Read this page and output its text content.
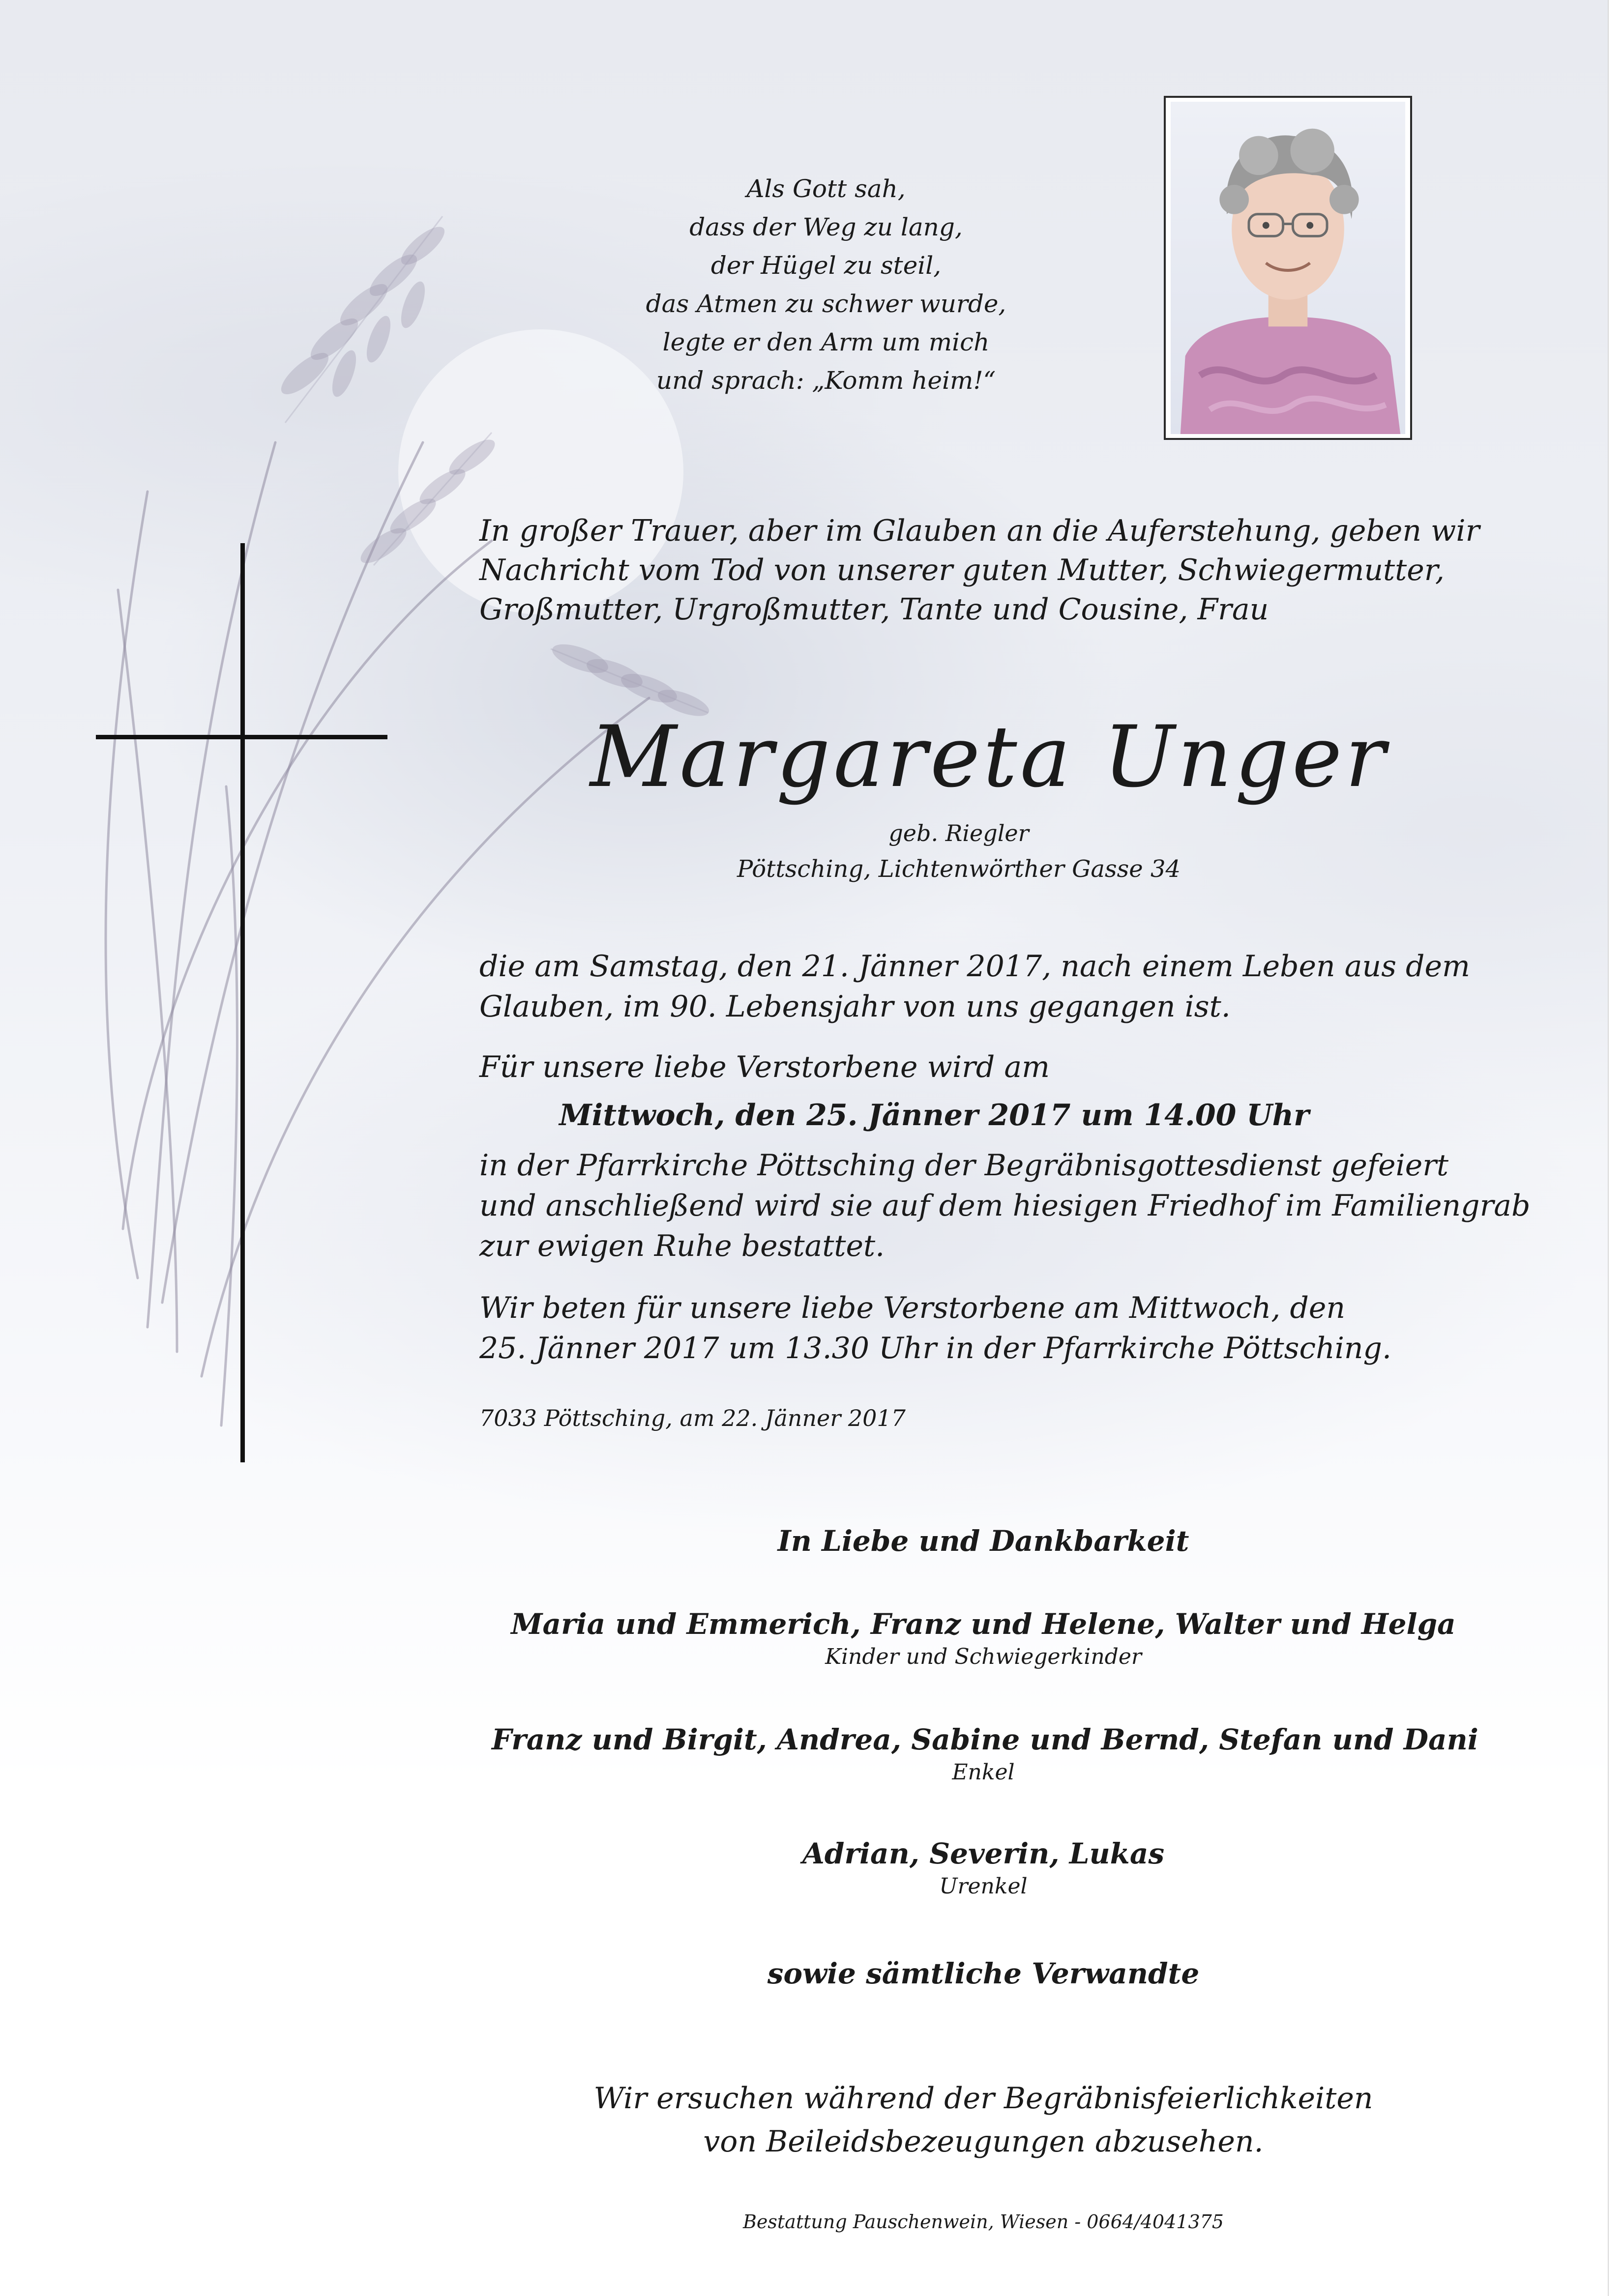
Als Gott sah,
dass der Weg zu lang,
der Hügel zu steil,
das Atmen zu schwer wurde,
legte er den Arm um mich
und sprach: „Komm heim!“
In großer Trauer, aber im Glauben an die Auferstehung, geben wir
Nachricht vom Tod von unserer guten Mutter, Schwiegermutter,
Großmutter, Urgroßmutter, Tante und Cousine, Frau
Margareta Unger
geb. Riegler
Pöttsching, Lichtenwörther Gasse 34
die am Samstag, den 21. Jänner 2017, nach einem Leben aus dem
Glauben, im 90. Lebensjahr von uns gegangen ist.
Für unsere liebe Verstorbene wird am
Mittwoch, den 25. Jänner 2017 um 14.00 Uhr
in der Pfarrkirche Pöttsching der Begräbnisgottesdienst gefeiert
und anschließend wird sie auf dem hiesigen Friedhof im Familiengrab
zur ewigen Ruhe bestattet.
Wir beten für unsere liebe Verstorbene am Mittwoch, den
25. Jänner 2017 um 13.30 Uhr in der Pfarrkirche Pöttsching.
7033 Pöttsching, am 22. Jänner 2017
In Liebe und Dankbarkeit
Maria und Emmerich, Franz und Helene, Walter und Helga
Kinder und Schwiegerkinder
Franz und Birgit, Andrea, Sabine und Bernd, Stefan und Dani
Enkel
Adrian, Severin, Lukas
Urenkel
sowie sämtliche Verwandte
Wir ersuchen während der Begräbnisfeierlichkeiten
von Beileidsbezeugungen abzusehen.
Bestattung Pauschenwein, Wiesen - 0664/4041375
